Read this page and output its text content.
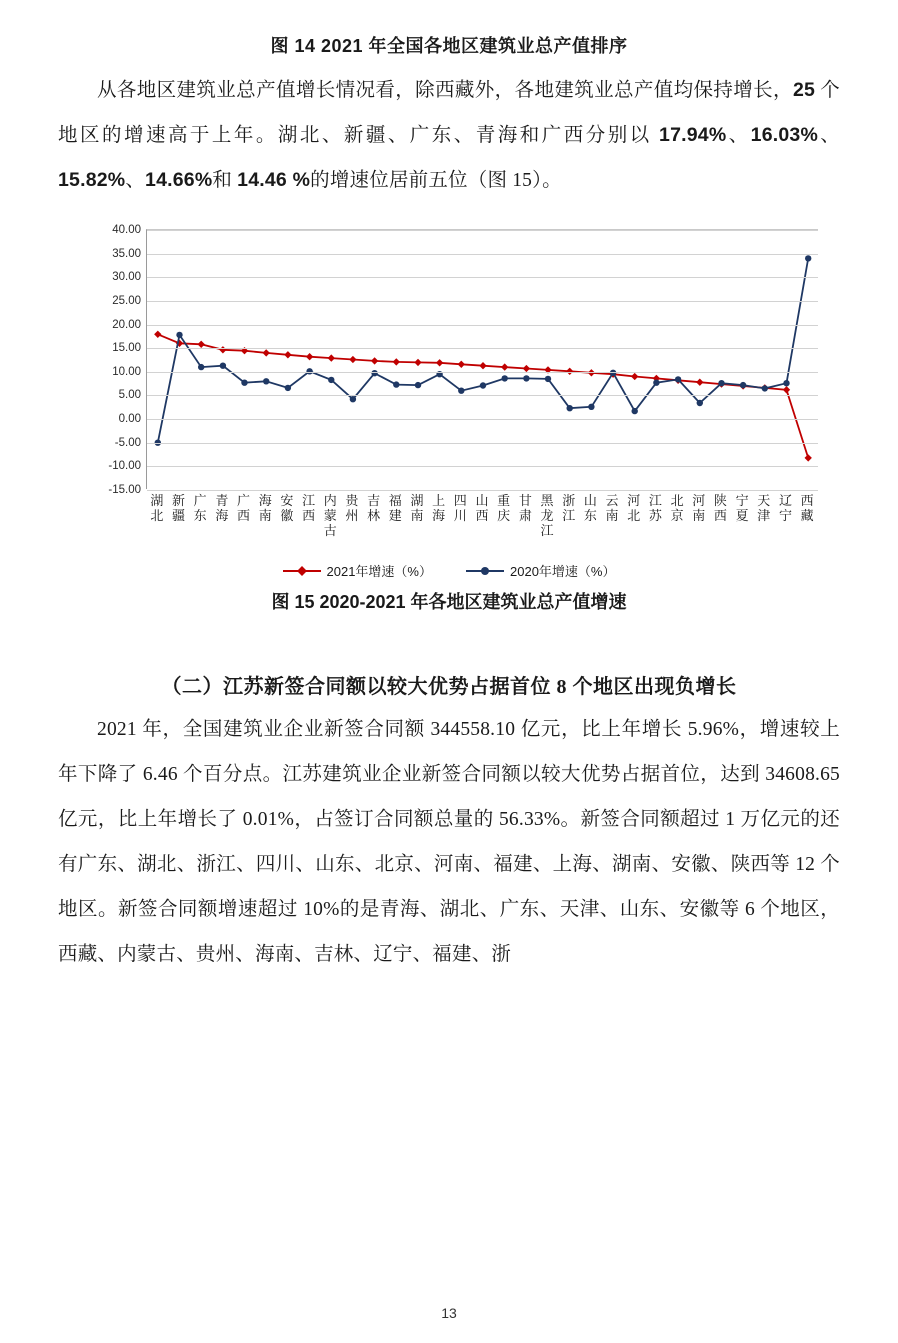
图 14 2021 年全国各地区建筑业总产值排序

从各地区建筑业总产值增长情况看，除西藏外，各地建筑业总产值均保持增长，25 个地区的增速高于上年。湖北、新疆、广东、青海和广西分别以 17.94%、16.03%、15.82%、14.66%和 14.46 %的增速位居前五位（图 15）。

40.00
35.00
30.00
25.00
20.00
15.00
10.00
5.00
0.00
-5.00
-10.00
-15.00
湖北
新疆
广东
青海
广西
海南
安徽
江西
内蒙古
贵州
吉林
福建
湖南
上海
四川
山西
重庆
甘肃
黑龙江
浙江
山东
云南
河北
江苏
北京
河南
陕西
宁夏
天津
辽宁
西藏
2021年增速（%）	2020年增速（%）
图 15 2020-2021 年各地区建筑业总产值增速
（二）江苏新签合同额以较大优势占据首位 8 个地区出现负增长

2021 年，全国建筑业企业新签合同额 344558.10 亿元，比上年增长 5.96%，增速较上年下降了 6.46 个百分点。江苏建筑业企业新签合同额以较大优势占据首位，达到 34608.65 亿元，比上年增长了 0.01%，占签订合同额总量的 56.33%。新签合同额超过 1 万亿元的还有广东、湖北、浙江、四川、山东、北京、河南、福建、上海、湖南、安徽、陕西等 12 个地区。新签合同额增速超过 10%的是青海、湖北、广东、天津、山东、安徽等 6 个地区，西藏、内蒙古、贵州、海南、吉林、辽宁、福建、浙

13
